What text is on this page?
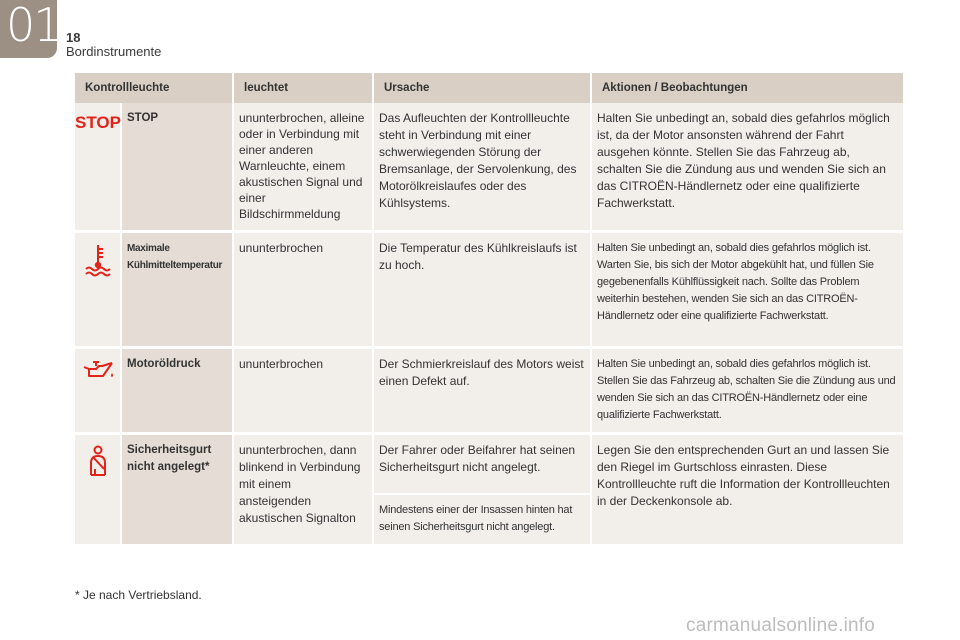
01 18
Bordinstrumente
Kontrollleuchte		leuchtet	Ursache	Aktionen / Beobachtungen

STOP	STOP	ununterbrochen, alleine oder in Verbindung mit einer anderen Warnleuchte, einem akustischen Signal und einer Bildschirmmeldung	Das Aufleuchten der Kontrollleuchte steht in Verbindung mit einer schwerwiegenden Störung der Bremsanlage, der Servolenkung, des Motorölkreislaufes oder des Kühlsystems.	Halten Sie unbedingt an, sobald dies gefahrlos möglich ist, da der Motor ansonsten während der Fahrt ausgehen könnte. Stellen Sie das Fahrzeug ab, schalten Sie die Zündung aus und wenden Sie sich an das CITROËN-Händlernetz oder eine qualifizierte Fachwerkstatt.
	Maximale Kühlmitteltemperatur	ununterbrochen	Die Temperatur des Kühlkreislaufs ist zu hoch.	Halten Sie unbedingt an, sobald dies gefahrlos möglich ist. Warten Sie, bis sich der Motor abgekühlt hat, und füllen Sie gegebenenfalls Kühlflüssigkeit nach. Sollte das Problem weiterhin bestehen, wenden Sie sich an das CITROËN-Händlernetz oder eine qualifizierte Fachwerkstatt.
	Motoröldruck	ununterbrochen	Der Schmierkreislauf des Motors weist einen Defekt auf.	Halten Sie unbedingt an, sobald dies gefahrlos möglich ist. Stellen Sie das Fahrzeug ab, schalten Sie die Zündung aus und wenden Sie sich an das CITROËN-Händlernetz oder eine qualifizierte Fachwerkstatt.
	Sicherheitsgurt nicht angelegt*	ununterbrochen, dann blinkend in Verbindung mit einem ansteigenden akustischen Signalton	Der Fahrer oder Beifahrer hat seinen Sicherheitsgurt nicht angelegt.	Legen Sie den entsprechenden Gurt an und lassen Sie den Riegel im Gurtschloss einrasten. Diese Kontrollleuchte ruft die Information der Kontrollleuchten in der Deckenkonsole ab.
			Mindestens einer der Insassen hinten hat seinen Sicherheitsgurt nicht angelegt.	
* Je nach Vertriebsland.
carmanualsonline.info
